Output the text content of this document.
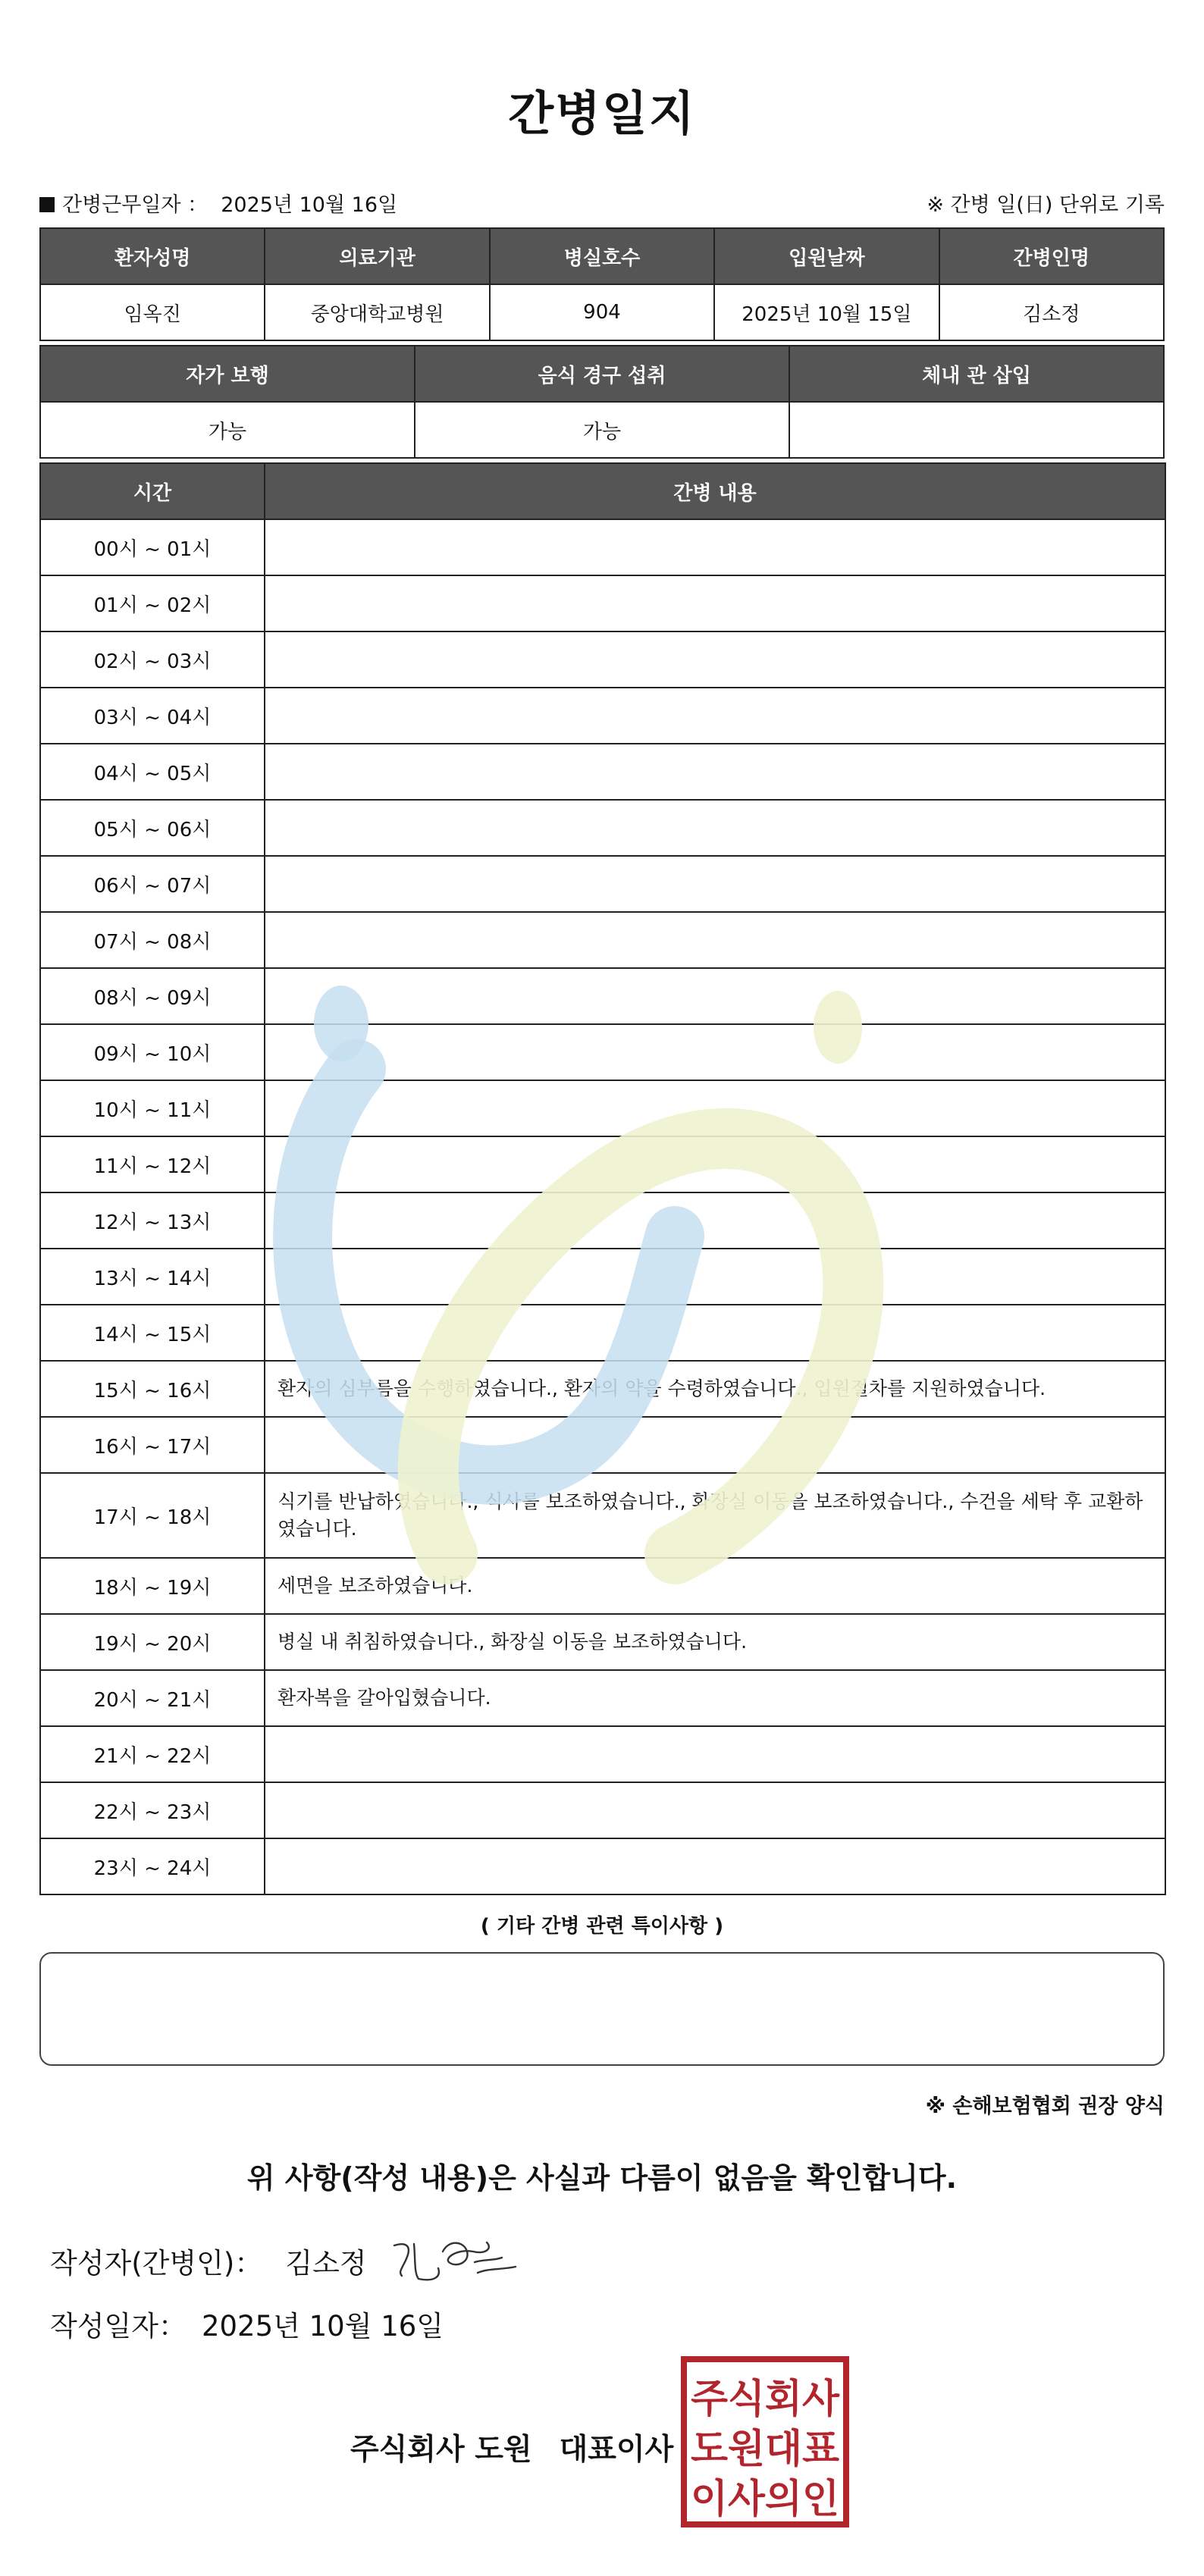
간병일지
간병근무일자 ： 2025년 10월 16일	※ 간병 일(日) 단위로 기록
환자성명	의료기관	병실호수	입원날짜	간병인명
임옥진	중앙대학교병원	904	2025년 10월 15일	김소정
자가 보행	음식 경구 섭취	체내 관 삽입
가능	가능	
시간	간병 내용
00시 ~ 01시	
01시 ~ 02시	
02시 ~ 03시	
03시 ~ 04시	
04시 ~ 05시	
05시 ~ 06시	
06시 ~ 07시	
07시 ~ 08시	
08시 ~ 09시	
09시 ~ 10시	
10시 ~ 11시	
11시 ~ 12시	
12시 ~ 13시	
13시 ~ 14시	
14시 ~ 15시	
15시 ~ 16시	환자의 심부름을 수행하였습니다., 환자의 약을 수령하였습니다., 입원절차를 지원하였습니다.
16시 ~ 17시	
17시 ~ 18시	식기를 반납하였습니다., 식사를 보조하였습니다., 화장실 이동을 보조하였습니다., 수건을 세탁 후 교환하였습니다.
18시 ~ 19시	세면을 보조하였습니다.
19시 ~ 20시	병실 내 취침하였습니다., 화장실 이동을 보조하였습니다.
20시 ~ 21시	환자복을 갈아입혔습니다.
21시 ~ 22시	
22시 ~ 23시	
23시 ~ 24시	
( 기타 간병 관련 특이사항 )
※ 손해보험협회 권장 양식
위 사항(작성 내용)은 사실과 다름이 없음을 확인합니다.
작성자(간병인)： 김소정
작성일자： 2025년 10월 16일
주식회사 도원 대표이사
주식회사
도원대표
이사의인
